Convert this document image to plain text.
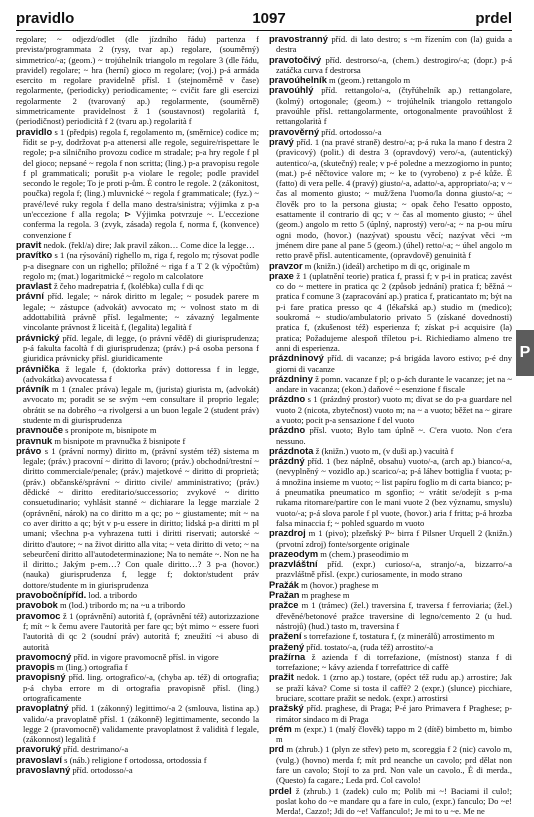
pravidlo	1097	prdel

regolare; ~ odjezd/odlet (dle jízdního řádu) partenza f prevista/programmata 2 (rysy, tvar ap.) regolare, (souměrný) simmetrico/-a; (geom.) ~ trojúhelník triangolo m regolare 3 (dle řádu, pravidel) regolare; ~ hra (herní) gioco m regolare; (voj.) p-á armáda esercito m regolare pravidelně přísl. 1 (stejnoměrně v čase) regolarmente, (periodicky) periodicamente; ~ cvičit fare gli esercizi regolarmente 2 (tvarovaný ap.) regolarmente, (souměrně) simmetricamente pravidelnost ž 1 (soustavnost) regolarità f, (periodičnost) periodicità f 2 (tvaru ap.) regolarità f

pravidlo s 1 (předpis) regola f, regolamento m, (směrnice) codice m; řídit se p-y, dodržovat p-a attenersi alle regole, seguire/rispettare le regole; p-a silničního provozu codice m stradale; p-a hry regole f pl del gioco; nepsané ~ regola f non scritta; (ling.) p-a pravopisu regole f pl grammaticali; porušit p-a violare le regole; podle pravidel secondo le regole; To je proti p-ům. È contro le regole. 2 (zákonitost, poučka) regola f; (ling.) mluvnické ~ regola f grammaticale; (fyz.) ~ pravé/levé ruky regola f della mano destra/sinistra; výjimka z p-a un'eccezione f alla regola; ⊳ Výjimka potvrzuje ~. L'eccezione conferma la regola. 3 (zvyk, zásada) regola f, norma f, (konvence) convenzione f

pravit nedok. (řekl/a) dire; Jak pravil zákon… Come dice la legge…

pravítko s 1 (na rýsování) righello m, riga f, regolo m; rýsovat podle p-a disegnare con un righello; příložné ~ riga f a T 2 (k výpočtům) regolo m; (mat.) logaritmické ~ regolo m calcolatore

pravlast ž čeho madrepatria f, (kolébka) culla f di qc

právní příd. legale; ~ nárok diritto m legale; ~ posudek parere m legale; ~ zástupce (advokát) avvocato m; ~ volnost stato m di addottabilità právně přísl. legalmente; ~ závazný legalmente vincolante právnost ž liceità f, (legalita) legalità f

právnický příd. legale, di legge, (o právní vědě) di giurisprudenza; p-á fakulta facoltà f di giurisprudenza; (práv.) p-á osoba persona f giuridica právnicky přísl. giuridicamente

právnička ž legale f, (doktorka práv) dottoressa f in legge, (advokátka) avvocatessa f

právník m 1 (znalec práva) legale m, (jurista) giurista m, (advokát) avvocato m; poradit se se svým ~em consultare il proprio legale; obrátit se na dobrého ~a rivolgersi a un buon legale 2 (student práv) studente m di giurisprudenza

pravnouče s pronipote m, bisnipote m

pravnuk m bisnipote m pravnučka ž bisnipote f

právo s 1 (právní normy) diritto m, (právní systém též) sistema m legale; (práv.) pracovní ~ diritto di lavoro; (práv.) obchodní/trestní ~ diritto commerciale/penale; (práv.) majetkové ~ diritto di proprietà; (práv.) občanské/správní ~ diritto civile/ amministrativo; (práv.) dědické ~ diritto ereditario/successorio; zvykové ~ diritto consuetudinario; vyhlásit stanné ~ dichiarare la legge marziale 2 (oprávnění, nárok) na co diritto m a qc; po ~ giustamente; mít ~ na co aver diritto a qc; být v p-u essere in diritto; lidská p-a diritti m pl umani; všechna p-a vyhrazena tutti i diritti riservati; autorské ~ diritto d'autore; ~ na život diritto alla vita; ~ veta diritto di veto; ~ na sebeurčení diritto all'autodeterminazione; Na to nemáte ~. Non ne ha il diritto.; Jakým p-em…? Con quale diritto…? 3 p-a (hovor.) (nauka) giurisprudenza f, legge f; doktor/student práv dottore/studente m in giurisprudenza

pravobočnípříd. lod. a tribordo

pravobok m (lod.) tribordo m; na ~u a tribordo

pravomoc ž 1 (oprávnění) autorità f, (oprávnění též) autorizzazione f; mít ~ k čemu avere l'autorità per fare qc; být mimo ~ essere fuori l'autorità di qc 2 (soudní práv) autorità f; zneužití ~i abuso di autorità

pravomocný příd. in vigore pravomocně přísl. in vigore

pravopis m (ling.) ortografia f

pravopisný příd. ling. ortografico/-a, (chyba ap. též) di ortografia; p-á chyba errore m di ortografia pravopisně přísl. (ling.) ortograficamente

pravoplatný příd. 1 (zákonný) legittimo/-a 2 (smlouva, listina ap.) valido/-a pravoplatně přísl. 1 (zákonně) legittimamente, secondo la legge 2 (pravomocně) validamente pravoplatnost ž validità f legale, (zákonnost) legalità f

pravoruký příd. destrimano/-a

pravoslaví s (náb.) religione f ortodossa, ortodossia f

pravoslavný příd. ortodosso/-a

pravostranný příd. di lato destro; s ~m řízením con (la) guida a destra

pravotočivý příd. destrorso/-a, (chem.) destrogiro/-a; (dopr.) p-á zatáčka curva f destrorsa

pravoúhelník m (geom.) rettangolo m

pravoúhlý příd. rettangolo/-a, (čtyřúhelník ap.) rettangolare, (kolmý) ortogonale; (geom.) ~ trojúhelník triangolo rettangolo pravoúhle přísl. rettangolarmente, ortogonalmente pravoúhlost ž rettangolarità f

pravověrný příd. ortodosso/-a

pravý příd. 1 (na pravé straně) destro/-a; p-á ruka la mano f destra 2 (pravicový) (polit.) di destra 3 (opravdový) vero/-a, (autentický) autentico/-a, (skutečný) reale; v p-é poledne a mezzogiorno in punto; (mat.) p-é něčtovice valore m; ~ ke to (vyrobeno) z p-é kůže. È (fatto) di vera pelle. 4 (pravý) giusto/-a, adatto/-a, appropriato/-a; v ~ čas al momento giusto; ~ muž/žena l'uomo/la donna giusto/-a; ~ člověk pro to la persona giusta; ~ opak čeho l'esatto opposto, esattamente il contrario di qc; v ~ čas al momento giusto; ~ úhel (geom.) angolo m retto 5 (úplný, naprostý) vero/-a; ~ na p-ou míru ogni modo, (hovor.) (nazývat) spoustu věcí; nazývat věci ~m jménem dire pane al pane 5 (geom.) (úhel) retto/-a; ~ úhel angolo m retto pravě přísl. autenticamente, (opravdově) genuinità f

pravzor m (knižn.) (ideál) archetipo m di qc, originale m

praxe ž 1 (uplatnění teorie) pratica f, prassi f; v p-i in pratica; zavést co do ~ mettere in pratica qc 2 (způsob jednání) pratica f; běžná ~ pratica f comune 3 (zapracování ap.) pratica f, praticantato m; být na p-i fare pratica presso qc 4 (lékařská ap.) studio m (medico); soukromá ~ studio/ambulatorio privato 5 (získané dovednosti) pratica f, (zkušenost též) esperienza f; získat p-i acquisire (la) pratica; Požadujeme alespoň tříletou p-i. Richiediamo almeno tre anni di esperienza.

prázdninový příd. di vacanze; p-á brigáda lavoro estivo; p-é dny giorni di vacanze

prázdniny ž pomn. vacanze f pl; o p-ách durante le vacanze; jet na ~ andare in vacanza; (ekon.) daňové ~ esenzione f fiscale

prázdno s 1 (prázdný prostor) vuoto m; dívat se do p-a guardare nel vuoto 2 (nicota, zbytečnost) vuoto m; na ~ a vuoto; běžet na ~ girare a vuoto; pocit p-a sensazione f del vuoto

prázdno přísl. vuoto; Bylo tam úplně ~. C'era vuoto. Non c'era nessuno.

prázdnota ž (knižn.) vuoto m, (v duši ap.) vacuità f

prázdný příd. 1 (bez náplně, obsahu) vuoto/-a, (arch ap.) bianco/-a, (nevyplněný ~ vozidlo ap.) scarico/-a; p-á láhev bottiglia f vuota; p-á množina insieme m vuoto; ~ list papíru foglio m di carta bianco; p-á pneumatika pneumatico m sgonfio; ~ vrátit se/odejít s p-ma rukama ritornare/partire con le mani vuote 2 (bez významu, smyslu) vuoto/-a; p-á slova parole f pl vuote, (hovor.) aria f fritta; p-á hrozba falsa minaccia f; ~ pohled sguardo m vuoto

prazdroj m 1 (pivo); plzeňský P~ birra f Pilsner Urquell 2 (knižn.) (prvotní zdroj) fonte/sorgente originale

prazeodym m (chem.) praseodimio m

prazvláštní příd. (expr.) curioso/-a, stranjo/-a, bizzarro/-a prazvláštně přísl. (expr.) curiosamente, in modo strano

Pražák m (hovor.) praghese m

Pražan m praghese m

pražce m 1 (trámec) (žel.) traversina f, traversa f ferroviaria; (žel.) dřevěné/betonové pražce traversine di legno/cemento 2 (u hud. nástrojů) (hud.) tasto m, traversina f

pražení s torrefazione f, tostatura f, (z minerálů) arrostimento m

pražený příd. tostato/-a, (ruda též) arrostito/-a

pražírna ž azienda f di torrefazione, (místnost) stanza f di torrefazione; ~ kávy azienda f torrefattrice di caffè

pražit nedok. 1 (zrno ap.) tostare, (opéct též rudu ap.) arrostire; Jak se praží káva? Come si tosta il caffè? 2 (expr.) (slunce) picchiare, bruciare, scottare pražit se nedok. (expr.) arrostirsi

pražský příd. praghese, di Praga; P-é jaro Primavera f Praghese; p-rimátor sindaco m di Praga

prém m (expr.) 1 (malý člověk) tappo m 2 (dítě) bimbetto m, bimbo m

prd m (zhrub.) 1 (plyn ze střev) peto m, scoreggia f 2 (nic) cavolo m, (vulg.) (hovno) merda f; mít prd neanche un cavolo; prd dělat non fare un cavolo; Stojí to za prd. Non vale un cavolo., È di merda., (Questo) fa cagare.; Leda prd. Col cavolo!

prdel ž (zhrub.) 1 (zadek) culo m; Polib mi ~! Baciami il culo!; poslat koho do ~e mandare qu a fare in culo, (expr.) fanculo; Do ~e! Merda!, Cazzo!; Jdi do ~e! Vaffanculo!; Je mi to u ~e. Me ne

P
